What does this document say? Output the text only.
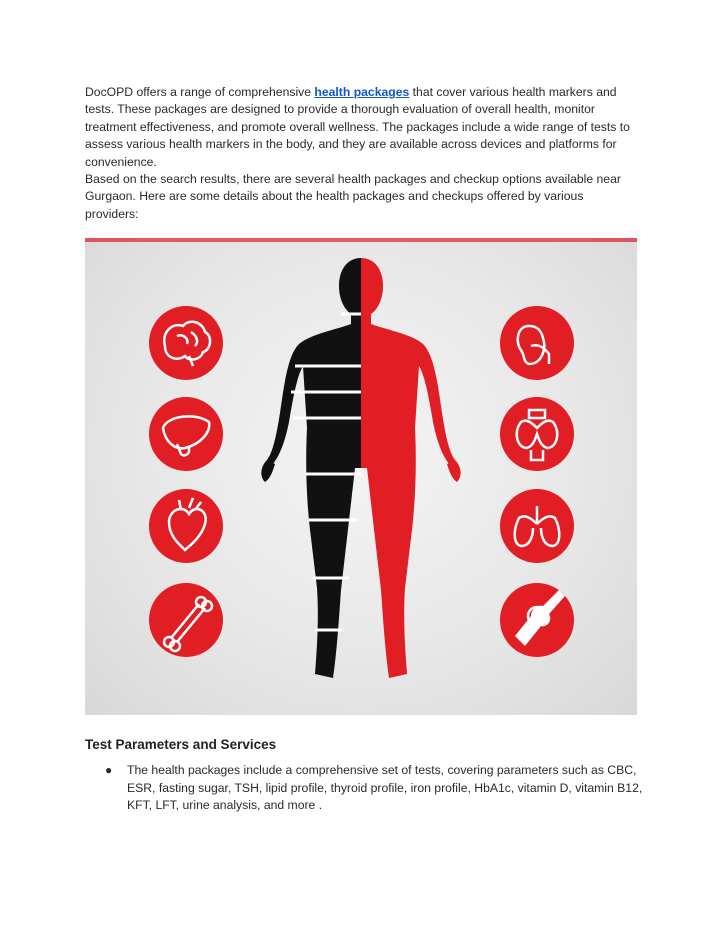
DocOPD offers a range of comprehensive health packages that cover various health markers and tests. These packages are designed to provide a thorough evaluation of overall health, monitor treatment effectiveness, and promote overall wellness. The packages include a wide range of tests to assess various health markers in the body, and they are available across devices and platforms for convenience.
Based on the search results, there are several health packages and checkup options available near Gurgaon. Here are some details about the health packages and checkups offered by various providers:
Test Parameters and Services
● The health packages include a comprehensive set of tests, covering parameters such as CBC, ESR, fasting sugar, TSH, lipid profile, thyroid profile, iron profile, HbA1c, vitamin D, vitamin B12, KFT, LFT, urine analysis, and more .
